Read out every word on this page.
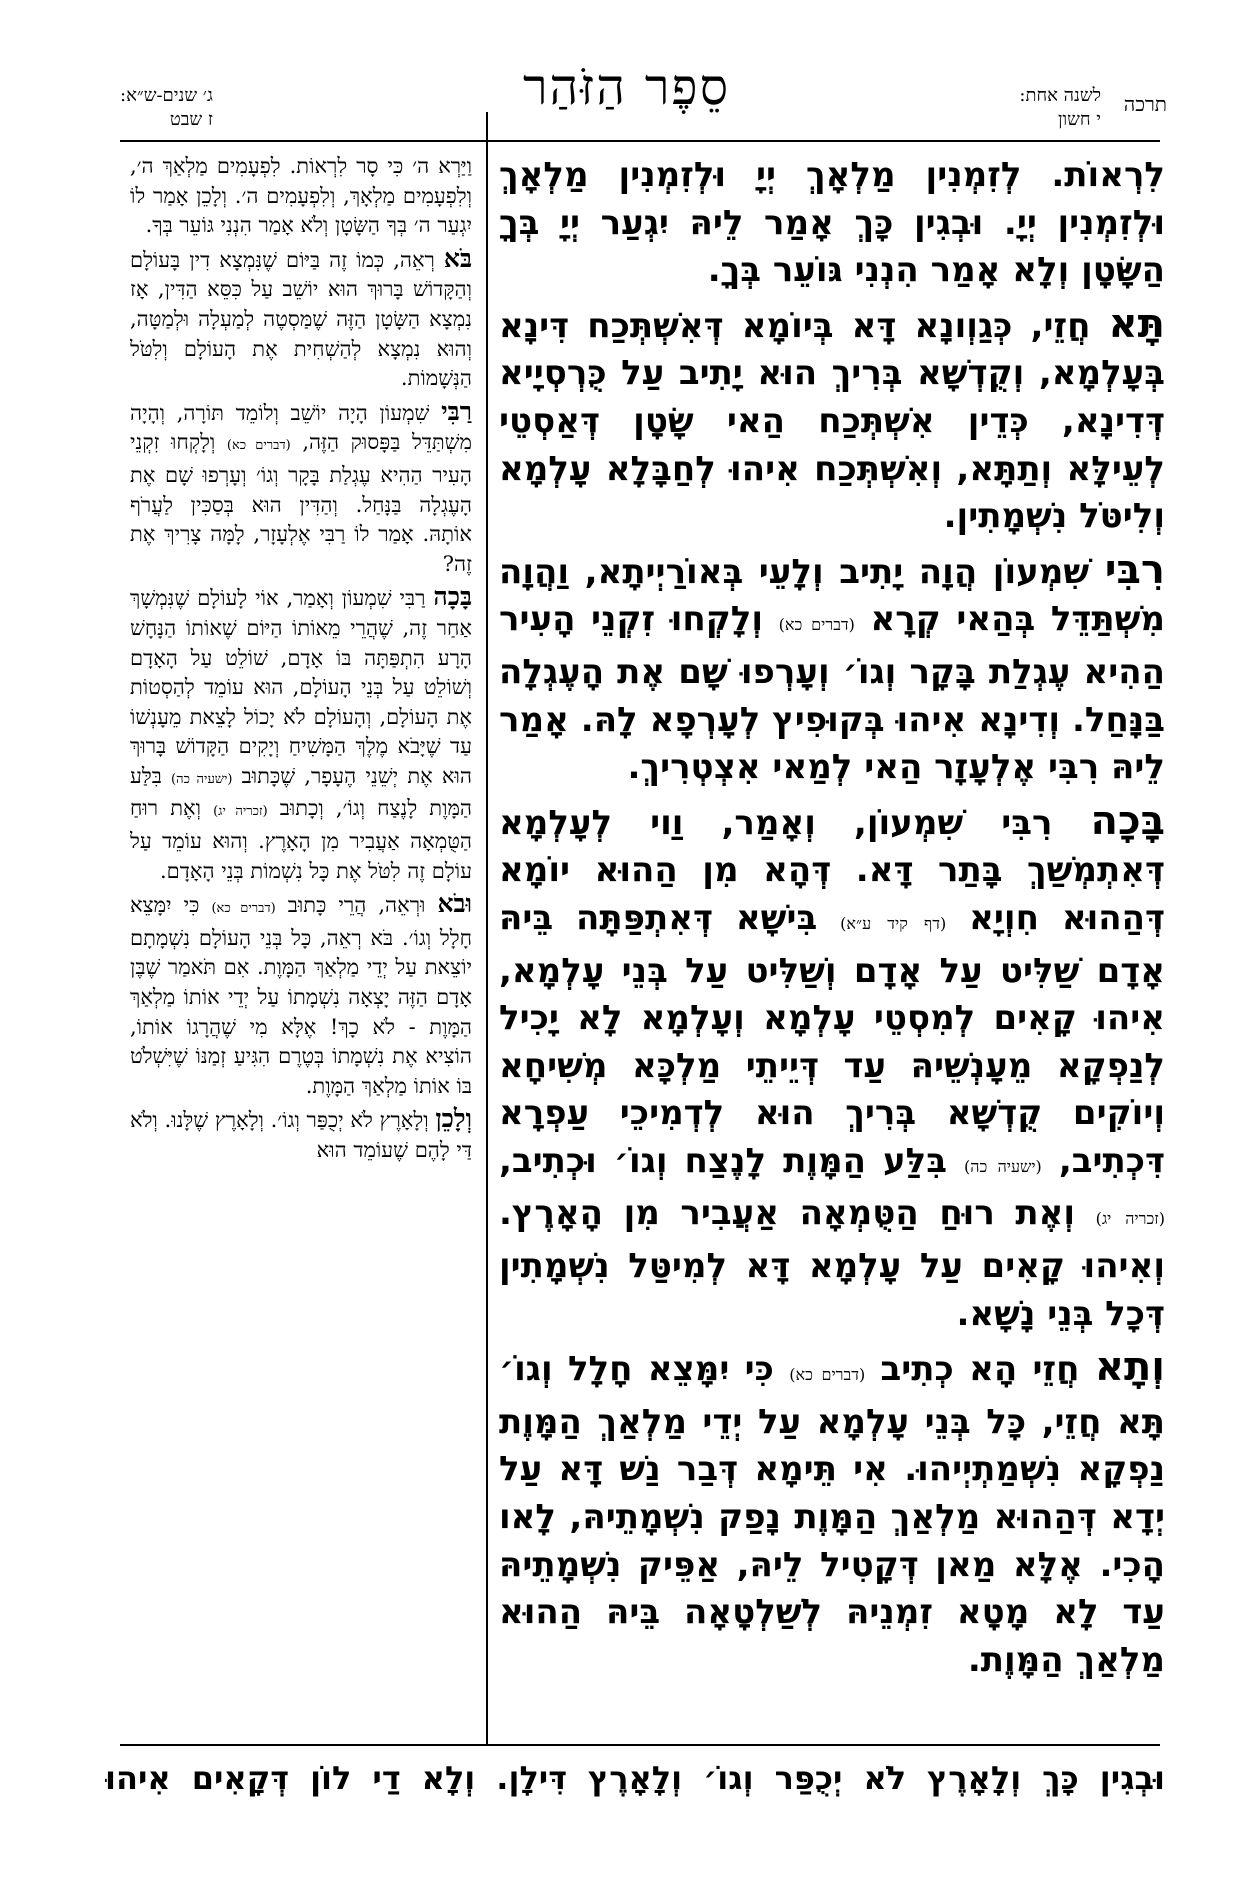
תרכה
לשנה אחת:
י חשון
סֵפֶר הַזֹּהַר
ג׳ שנים-ש״א:
ז שבט

לִרְאוֹת. לְזִמְנִין מַלְאָךְ יְיָ וּלְזִמְנִין מַלְאָךְ וּלְזִמְנִין יְיָ. וּבְגִין כָּךְ אָמַר לֵיהּ יִגְעַר יְיָ בְּךָ הַשָּׂטָן וְלָא אָמַר הִנְנִי גּוֹעֵר בְּךָ.

תָּא חֲזֵי, כְּגַוְונָא דָּא בְּיוֹמָא דְּאִשְׁתְּכַח דִּינָא בְּעָלְמָא, וְקֻדְשָׁא בְּרִיךְ הוּא יָתִיב עַל כֻּרְסְיָיא דְּדִינָא, כְּדֵין אִשְׁתְּכַח הַאי שָׂטָן דְּאַסְטֵי לְעֵילָּא וְתַתָּא, וְאִשְׁתְּכַח אִיהוּ לְחַבָּלָא עָלְמָא וְלִיטֹּל נִשְׁמָתִין.

רִבִּי שִׁמְעוֹן הֲוָה יָתִיב וְלָעֵי בְּאוֹרַיְיתָא, וַהֲוָה מִשְׁתַּדֵּל בְּהַאי קְרָא (דברים כא) וְלָקְחוּ זִקְנֵי הָעִיר הַהִיא עֶגְלַת בָּקָר וְגוֹ׳ וְעָרְפוּ שָׁם אֶת הָעֶגְלָה בַּנָּחַל. וְדִינָא אִיהוּ בְּקוּפִיץ לְעָרְפָא לָהּ. אָמַר לֵיהּ רִבִּי אֶלְעָזָר הַאי לְמַאי אִצְטְרִיךְ.

בָּכָה רִבִּי שִׁמְעוֹן, וְאָמַר, וַוי לְעָלְמָא דְּאִתְמְשַׁךְ בָּתַר דָּא. דְּהָא מִן הַהוּא יוֹמָא דְּהַהוּא חִוְיָא (דף קיד ע״א) בִּישָׁא דְּאִתְפַּתָּה בֵּיהּ אָדָם שַׁלִּיט עַל אָדָם וְשַׁלִּיט עַל בְּנֵי עָלְמָא, אִיהוּ קָאִים לְמִסְטֵי עָלְמָא וְעָלְמָא לָא יָכִיל לְנַפְקָא מֵעָנְשֵׁיהּ עַד דְּיֵיתֵי מַלְכָּא מְשִׁיחָא וְיוֹקִים קֻדְשָׁא בְּרִיךְ הוּא לְדְמִיכֵי עַפְרָא דִּכְתִיב, (ישעיה כה) בִּלַּע הַמָּוֶת לָנֶצַח וְגוֹ׳ וּכְתִיב, (זכריה יג) וְאֶת רוּחַ הַטֻּמְאָה אַעֲבִיר מִן הָאָרֶץ. וְאִיהוּ קָאִים עַל עָלְמָא דָּא לְמִיטַּל נִשְׁמָתִין דְּכָל בְּנֵי נָשָׁא.

וְתָא חֲזֵי הָא כְתִיב (דברים כא) כִּי יִמָּצֵא חָלָל וְגוֹ׳ תָּא חֲזֵי, כָּל בְּנֵי עָלְמָא עַל יְדֵי מַלְאַךְ הַמָּוֶת נַפְקָא נִשְׁמַתְיְיהוּ. אִי תֵּימָא דְּבַר נַשׁ דָּא עַל יְדָא דְּהַהוּא מַלְאַךְ הַמָּוֶת נָפַק נִשְׁמָתֵיהּ, לָאו הָכִי. אֶלָּא מַאן דְּקָטִיל לֵיהּ, אַפֵּיק נִשְׁמָתֵיהּ עַד לָא מָטָא זִמְנֵיהּ לְשַׁלְטָאָה בֵּיהּ הַהוּא מַלְאַךְ הַמָּוֶת.

וַיַּרְא ה׳ כִּי סָר לִרְאוֹת. לִפְעָמִים מַלְאַךְ ה׳, וְלִפְעָמִים מַלְאָךְ, וְלִפְעָמִים ה׳. וְלָכֵן אָמַר לוֹ יִגְעַר ה׳ בְּךָ הַשָּׂטָן וְלֹא אָמַר הִנְנִי גּוֹעֵר בְּךָ.

בֹּא רְאֵה, כְּמוֹ זֶה בַּיּוֹם שֶׁנִּמְצָא דִין בָּעוֹלָם וְהַקָּדוֹשׁ בָּרוּךְ הוּא יוֹשֵׁב עַל כִּסֵּא הַדִּין, אָז נִמְצָא הַשָּׂטָן הַזֶּה שֶׁמַּסְטֶה לְמַעְלָה וּלְמַטָּה, וְהוּא נִמְצָא לְהַשְׁחִית אֶת הָעוֹלָם וְלִטֹּל הַנְּשָׁמוֹת.

רַבִּי שִׁמְעוֹן הָיָה יוֹשֵׁב וְלוֹמֵד תּוֹרָה, וְהָיָה מִשְׁתַּדֵּל בַּפָּסוּק הַזֶּה, (דברים כא) וְלָקְחוּ זִקְנֵי הָעִיר הַהִיא עֶגְלַת בָּקָר וְגוֹ׳ וְעָרְפוּ שָׁם אֶת הָעֶגְלָה בַּנָּחַל. וְהַדִּין הוּא בְּסַכִּין לַעֲרֹף אוֹתָהּ. אָמַר לוֹ רַבִּי אֶלְעָזָר, לָמָּה צָרִיךְ אֶת זֶה?

בָּכָה רַבִּי שִׁמְעוֹן וְאָמַר, אוֹי לָעוֹלָם שֶׁנִּמְשָׁךְ אַחַר זֶה, שֶׁהֲרֵי מֵאוֹתוֹ הַיּוֹם שֶׁאוֹתוֹ הַנָּחָשׁ הָרָע הִתְפַּתָּה בּוֹ אָדָם, שׁוֹלֵט עַל הָאָדָם וְשׁוֹלֵט עַל בְּנֵי הָעוֹלָם, הוּא עוֹמֵד לְהַסְטוֹת אֶת הָעוֹלָם, וְהָעוֹלָם לֹא יָכוֹל לָצֵאת מֵעָנְשׁוֹ עַד שֶׁיָּבֹא מֶלֶךְ הַמָּשִׁיחַ וְיָקִים הַקָּדוֹשׁ בָּרוּךְ הוּא אֶת יְשֵׁנֵי הֶעָפָר, שֶׁכָּתוּב (ישעיה כה) בִּלַּע הַמָּוֶת לָנֶצַח וְגוֹ׳, וְכָתוּב (זכריה יג) וְאֶת רוּחַ הַטֻּמְאָה אַעֲבִיר מִן הָאָרֶץ. וְהוּא עוֹמֵד עַל עוֹלָם זֶה לִטֹּל אֶת כָּל נִשְׁמוֹת בְּנֵי הָאָדָם.

וּבֹא וּרְאֵה, הֲרֵי כָּתוּב (דברים כא) כִּי יִמָּצֵא חָלָל וְגוֹ׳. בֹּא רְאֵה, כָּל בְּנֵי הָעוֹלָם נִשְׁמָתָם יוֹצֵאת עַל יְדֵי מַלְאַךְ הַמָּוֶת. אִם תֹּאמַר שֶׁבֶּן אָדָם הַזֶּה יָצְאָה נִשְׁמָתוֹ עַל יְדֵי אוֹתוֹ מַלְאַךְ הַמָּוֶת - לֹא כָךְ! אֶלָּא מִי שֶׁהֲרָגוֹ אוֹתוֹ, הוֹצִיא אֶת נִשְׁמָתוֹ בְּטֶרֶם הִגִּיעַ זְמַנּוֹ שֶׁיִּשְׁלֹט בּוֹ אוֹתוֹ מַלְאַךְ הַמָּוֶת.

וְלָכֵן וְלָאָרֶץ לֹא יְכֻפַּר וְגוֹ׳. וְלָאָרֶץ שֶׁלָּנוּ. וְלֹא דַּי לָהֶם שֶׁעוֹמֵד הוּא

וּבְגִין כָּךְ וְלָאָרֶץ לֹא יְכֻפַּר וְגוֹ׳ וְלָאָרֶץ דִּילָן. וְלָא דַי לוֹן דְּקָאִים אִיהוּ
